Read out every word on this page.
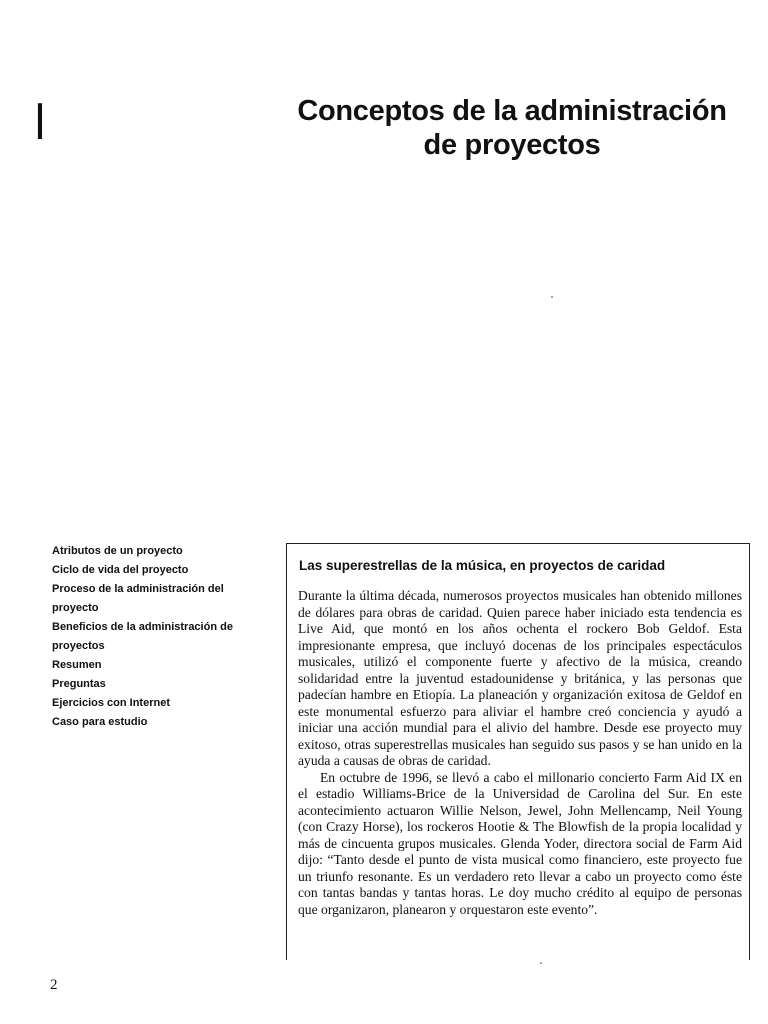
I	Conceptos de la administración
de proyectos
Atributos de un proyecto
Ciclo de vida del proyecto
Proceso de la administración del proyecto
Beneficios de la administración de proyectos
Resumen
Preguntas
Ejercicios con Internet
Caso para estudio
Las superestrellas de la música, en proyectos de caridad

Durante la última década, numerosos proyectos musicales han obtenido millones de dólares para obras de caridad. Quien parece haber iniciado esta tendencia es Live Aid, que montó en los años ochenta el rockero Bob Geldof. Esta impresionante empresa, que incluyó docenas de los principales espectáculos musicales, utilizó el componente fuerte y afectivo de la música, creando solidaridad entre la juventud estadounidense y británica, y las personas que padecían hambre en Etiopía. La planeación y organización exitosa de Geldof en este monumental esfuerzo para aliviar el hambre creó conciencia y ayudó a iniciar una acción mundial para el alivio del hambre. Desde ese proyecto muy exitoso, otras superestrellas musicales han seguido sus pasos y se han unido en la ayuda a causas de obras de caridad.

En octubre de 1996, se llevó a cabo el millonario concierto Farm Aid IX en el estadio Williams-Brice de la Universidad de Carolina del Sur. En este acontecimiento actuaron Willie Nelson, Jewel, John Mellencamp, Neil Young (con Crazy Horse), los rockeros Hootie & The Blowfish de la propia localidad y más de cincuenta grupos musicales. Glenda Yoder, directora social de Farm Aid dijo: “Tanto desde el punto de vista musical como financiero, este proyecto fue un triunfo resonante. Es un verdadero reto llevar a cabo un proyecto como éste con tantas bandas y tantas horas. Le doy mucho crédito al equipo de personas que organizaron, planearon y orquestaron este evento”.

2
